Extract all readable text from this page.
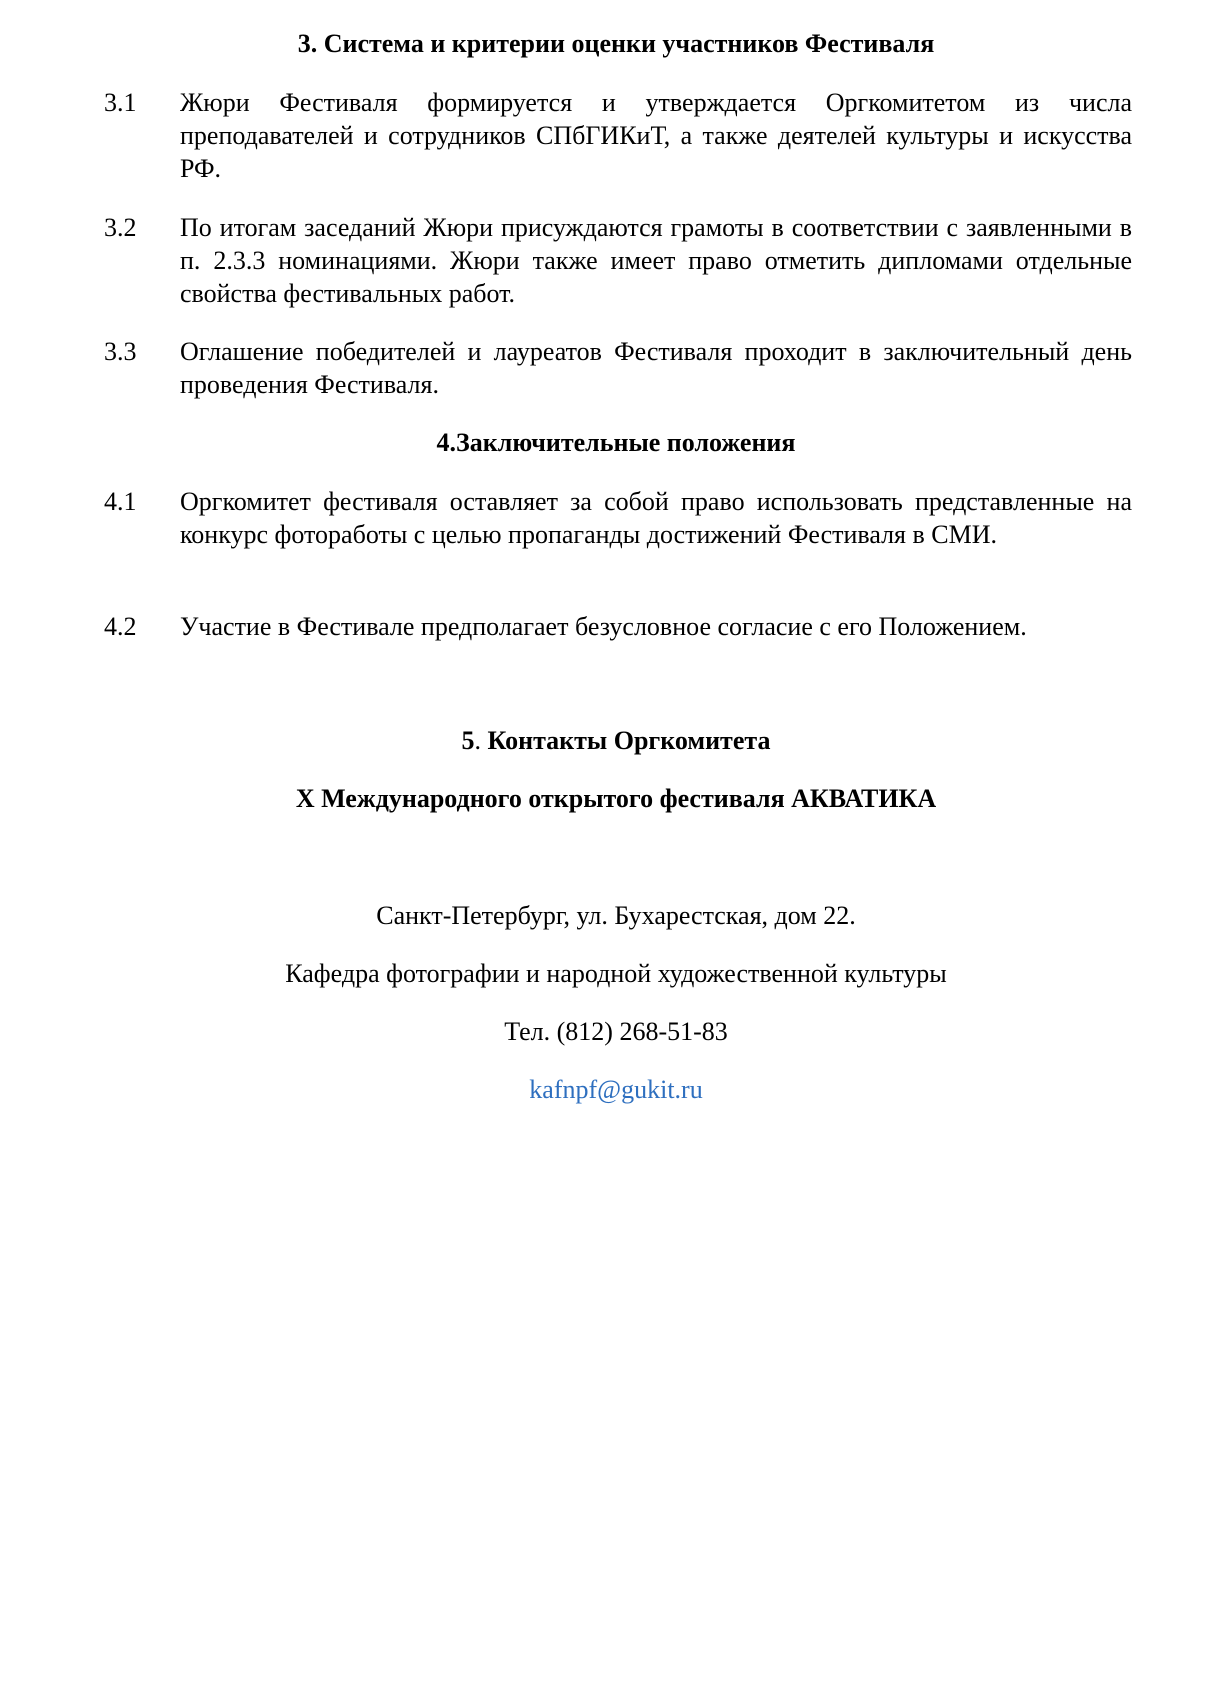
3. Система и критерии оценки участников Фестиваля
3.1 Жюри Фестиваля формируется и утверждается Оргкомитетом из числа преподавателей и сотрудников СПбГИКиТ, а также деятелей культуры и искусства РФ.

3.2 По итогам заседаний Жюри присуждаются грамоты в соответствии с заявленными в п. 2.3.3 номинациями. Жюри также имеет право отметить дипломами отдельные свойства фестивальных работ.

3.3 Оглашение победителей и лауреатов Фестиваля проходит в заключительный день проведения Фестиваля.

4.Заключительные положения
4.1 Оргкомитет фестиваля оставляет за собой право использовать представленные на конкурс фотоработы с целью пропаганды достижений Фестиваля в СМИ.

4.2 Участие в Фестивале предполагает безусловное согласие с его Положением.

5. Контакты Оргкомитета
X Международного открытого фестиваля АКВАТИКА

Санкт-Петербург, ул. Бухарестская, дом 22.

Кафедра фотографии и народной художественной культуры

Тел. (812) 268-51-83

kafnpf@gukit.ru
